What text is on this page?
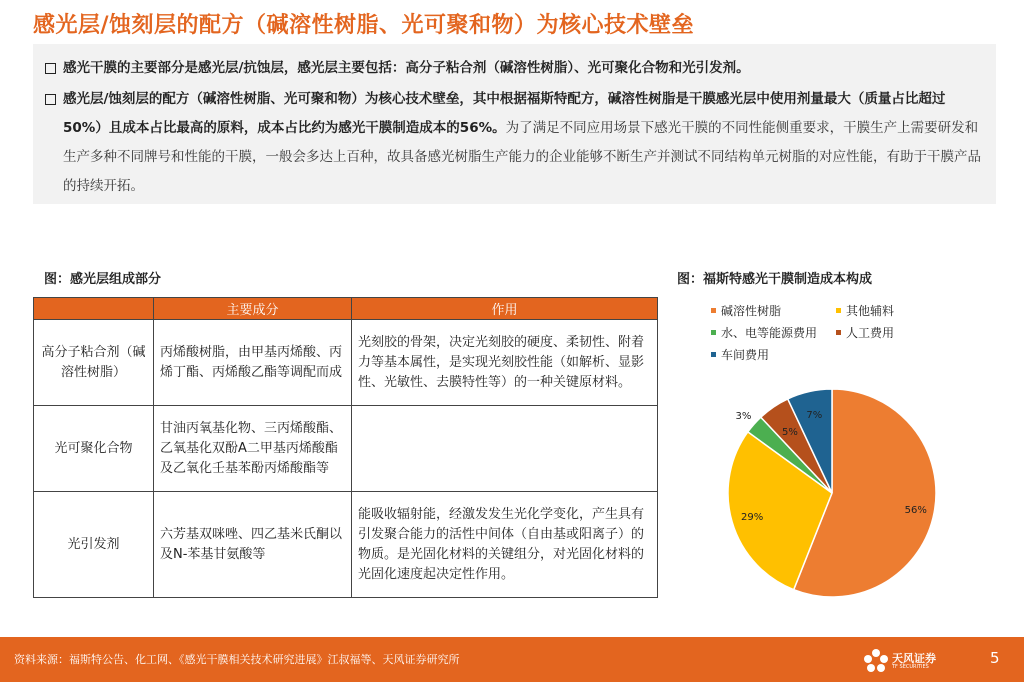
感光层/蚀刻层的配方（碱溶性树脂、光可聚和物）为核心技术壁垒
感光干膜的主要部分是感光层/抗蚀层，感光层主要包括：高分子粘合剂（碱溶性树脂）、光可聚化合物和光引发剂。
感光层/蚀刻层的配方（碱溶性树脂、光可聚和物）为核心技术壁垒，其中根据福斯特配方，碱溶性树脂是干膜感光层中使用剂量最大（质量占比超过50%）且成本占比最高的原料，成本占比约为感光干膜制造成本的56%。为了满足不同应用场景下感光干膜的不同性能侧重要求，干膜生产上需要研发和生产多种不同牌号和性能的干膜，一般会多达上百种，故具备感光树脂生产能力的企业能够不断生产并测试不同结构单元树脂的对应性能，有助于干膜产品的持续开拓。
图：感光层组成部分	图：福斯特感光干膜制造成本构成
	主要成分	作用
高分子粘合剂（碱溶性树脂）	丙烯酸树脂，由甲基丙烯酸、丙烯丁酯、丙烯酸乙酯等调配而成	光刻胶的骨架，决定光刻胶的硬度、柔韧性、附着力等基本属性，是实现光刻胶性能（如解析、显影性、光敏性、去膜特性等）的一种关键原材料。
光可聚化合物	甘油丙氧基化物、三丙烯酸酯、乙氧基化双酚A二甲基丙烯酸酯及乙氧化壬基苯酚丙烯酸酯等	
光引发剂	六芳基双咪唑、四乙基米氏酮以及N-苯基甘氨酸等	能吸收辐射能，经激发发生光化学变化，产生具有引发聚合能力的活性中间体（自由基或阳离子）的物质。是光固化材料的关键组分，对光固化材料的光固化速度起决定性作用。
碱溶性树脂	其他辅料
水、电等能源费用	人工费用
车间费用
56%
29%
3%
5%
7%
资料来源：福斯特公告、化工网、《感光干膜相关技术研究进展》江叔福等、天风证券研究所	天风证券
TF SECURITIES	5
